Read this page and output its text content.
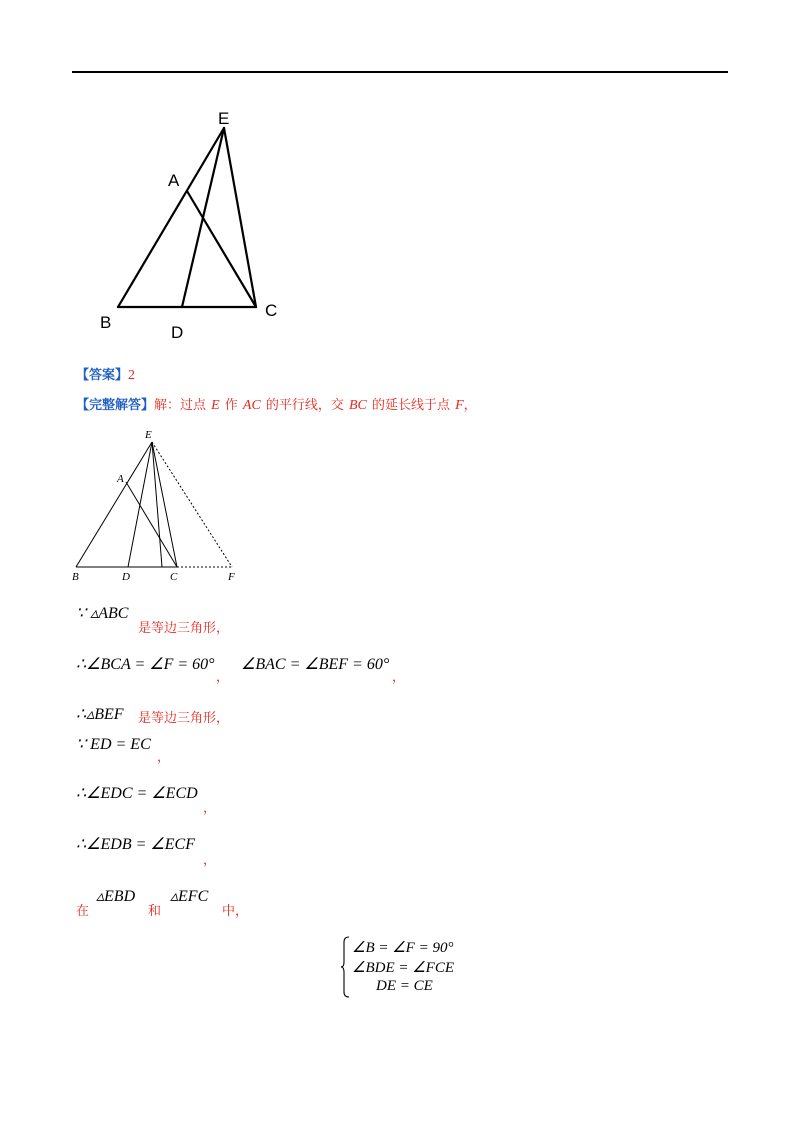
E
A
B
C
D
【答案】2
【完整解答】解：过点 E 作 AC 的平行线，交 BC 的延长线于点 F，
E
A
B	D	C	F
∵ ▵ABC
是等边三角形，
∴∠BCA = ∠F = 60°
，
∠BAC = ∠BEF = 60°
，
∴▵BEF 是等边三角形，
∵ ED = EC
，
∴∠EDC = ∠ECD
，
∴∠EDB = ∠ECF
，
在
▵EBD
和
▵EFC
中，
∠B = ∠F = 90°
∠BDE = ∠FCE
DE = CE
